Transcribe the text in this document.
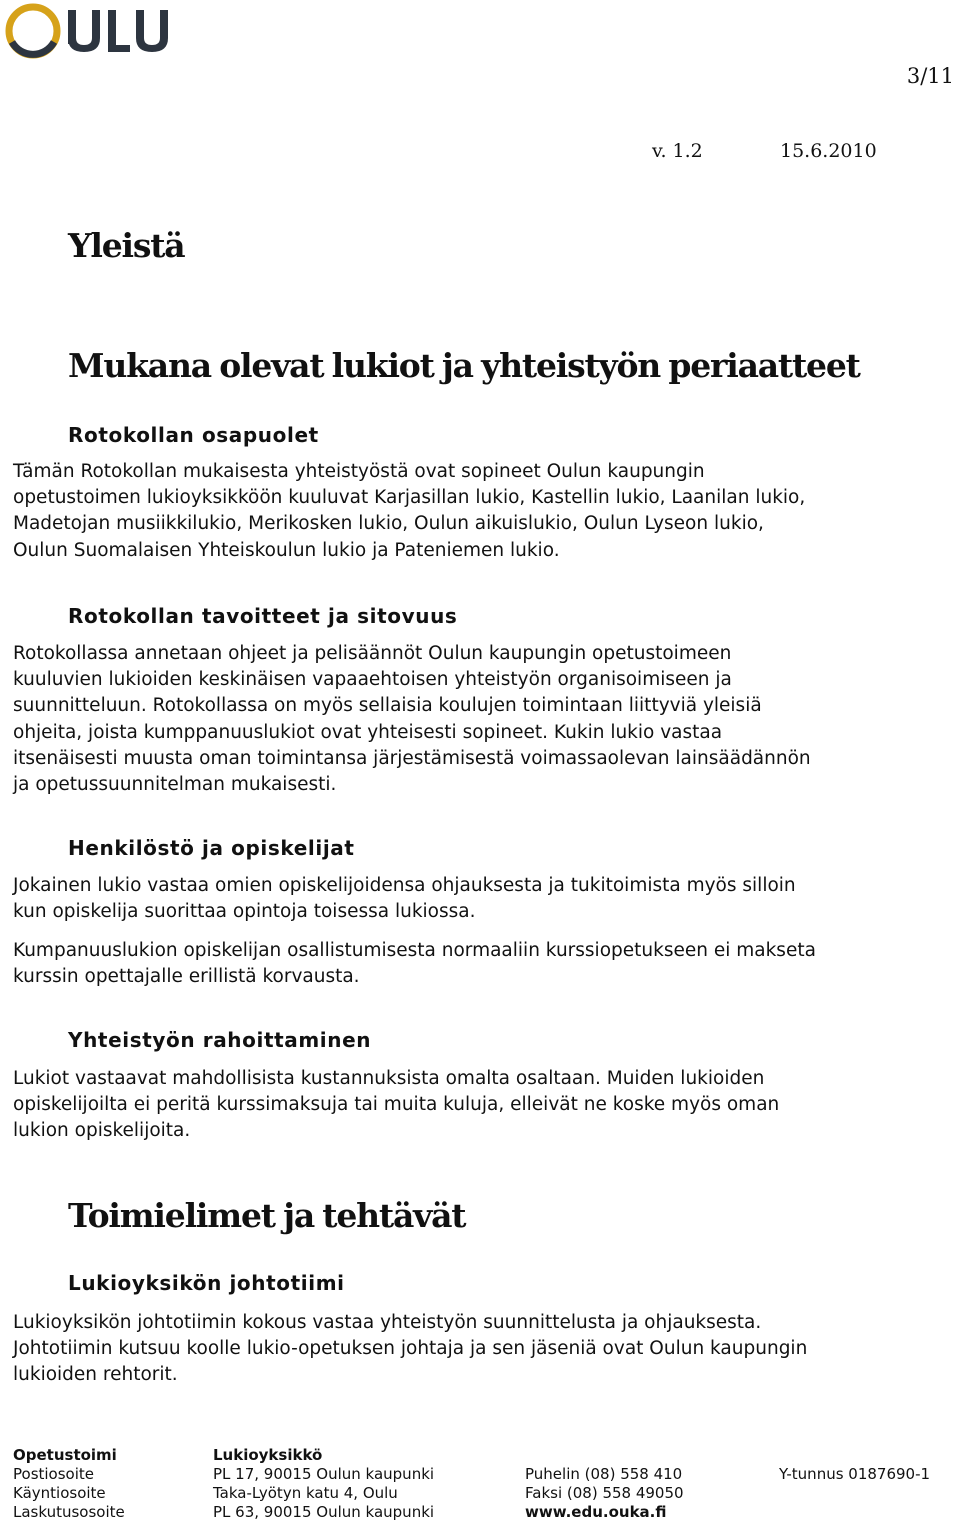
3/11
v. 1.2	15.6.2010
Yleistä
Mukana olevat lukiot ja yhteistyön periaatteet
Rotokollan osapuolet

Tämän Rotokollan mukaisesta yhteistyöstä ovat sopineet Oulun kaupungin
opetustoimen lukioyksikköön kuuluvat Karjasillan lukio, Kastellin lukio, Laanilan lukio,
Madetojan musiikkilukio, Merikosken lukio, Oulun aikuislukio, Oulun Lyseon lukio,
Oulun Suomalaisen Yhteiskoulun lukio ja Pateniemen lukio.

Rotokollan tavoitteet ja sitovuus

Rotokollassa annetaan ohjeet ja pelisäännöt Oulun kaupungin opetustoimeen
kuuluvien lukioiden keskinäisen vapaaehtoisen yhteistyön organisoimiseen ja
suunnitteluun. Rotokollassa on myös sellaisia koulujen toimintaan liittyviä yleisiä
ohjeita, joista kumppanuuslukiot ovat yhteisesti sopineet. Kukin lukio vastaa
itsenäisesti muusta oman toimintansa järjestämisestä voimassaolevan lainsäädännön
ja opetussuunnitelman mukaisesti.

Henkilöstö ja opiskelijat

Jokainen lukio vastaa omien opiskelijoidensa ohjauksesta ja tukitoimista myös silloin
kun opiskelija suorittaa opintoja toisessa lukiossa.

Kumpanuuslukion opiskelijan osallistumisesta normaaliin kurssiopetukseen ei makseta
kurssin opettajalle erillistä korvausta.

Yhteistyön rahoittaminen

Lukiot vastaavat mahdollisista kustannuksista omalta osaltaan. Muiden lukioiden
opiskelijoilta ei peritä kurssimaksuja tai muita kuluja, elleivät ne koske myös oman
lukion opiskelijoita.

Toimielimet ja tehtävät
Lukioyksikön johtotiimi

Lukioyksikön johtotiimin kokous vastaa yhteistyön suunnittelusta ja ohjauksesta.
Johtotiimin kutsuu koolle lukio-opetuksen johtaja ja sen jäseniä ovat Oulun kaupungin
lukioiden rehtorit.

Opetustoimi	Lukioyksikkö
Postiosoite	PL 17, 90015 Oulun kaupunki	Puhelin (08) 558 410	Y-tunnus 0187690-1
Käyntiosoite	Taka-Lyötyn katu 4, Oulu	Faksi (08) 558 49050
Laskutusosoite	PL 63, 90015 Oulun kaupunki	www.edu.ouka.fi
